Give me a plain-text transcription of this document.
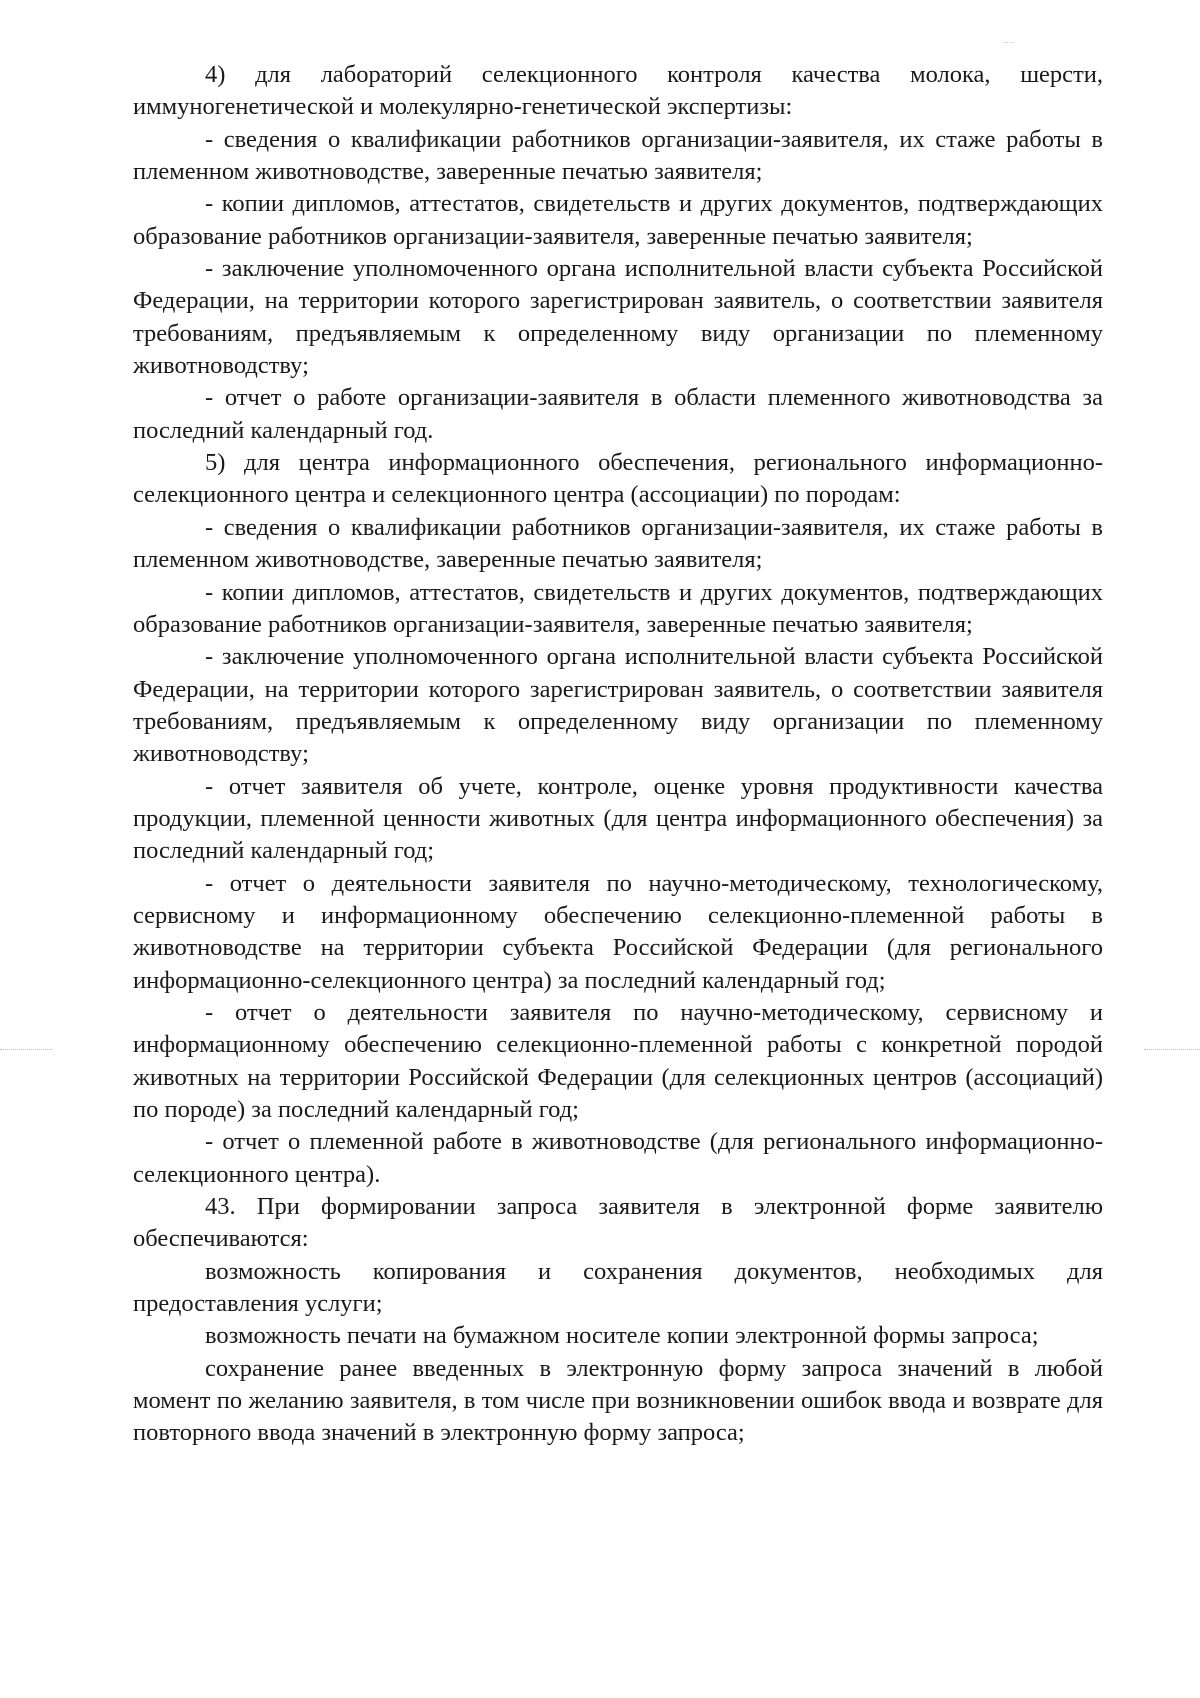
4) для лабораторий селекционного контроля качества молока, шерсти, иммуногенетической и молекулярно-генетической экспертизы:

- сведения о квалификации работников организации-заявителя, их стаже работы в племенном животноводстве, заверенные печатью заявителя;

- копии дипломов, аттестатов, свидетельств и других документов, подтверждающих образование работников организации-заявителя, заверенные печатью заявителя;

- заключение уполномоченного органа исполнительной власти субъекта Российской Федерации, на территории которого зарегистрирован заявитель, о соответствии заявителя требованиям, предъявляемым к определенному виду организации по племенному животноводству;

- отчет о работе организации-заявителя в области племенного животноводства за последний календарный год.

5) для центра информационного обеспечения, регионального информационно-селекционного центра и селекционного центра (ассоциации) по породам:

- сведения о квалификации работников организации-заявителя, их стаже работы в племенном животноводстве, заверенные печатью заявителя;

- копии дипломов, аттестатов, свидетельств и других документов, подтверждающих образование работников организации-заявителя, заверенные печатью заявителя;

- заключение уполномоченного органа исполнительной власти субъекта Российской Федерации, на территории которого зарегистрирован заявитель, о соответствии заявителя требованиям, предъявляемым к определенному виду организации по племенному животноводству;

- отчет заявителя об учете, контроле, оценке уровня продуктивности качества продукции, племенной ценности животных (для центра информационного обеспечения) за последний календарный год;

- отчет о деятельности заявителя по научно-методическому, технологическому, сервисному и информационному обеспечению селекционно-племенной работы в животноводстве на территории субъекта Российской Федерации (для регионального информационно-селекционного центра) за последний календарный год;

- отчет о деятельности заявителя по научно-методическому, сервисному и информационному обеспечению селекционно-племенной работы с конкретной породой животных на территории Российской Федерации (для селекционных центров (ассоциаций) по породе) за последний календарный год;

- отчет о племенной работе в животноводстве (для регионального информационно-селекционного центра).

43. При формировании запроса заявителя в электронной форме заявителю обеспечиваются:

возможность копирования и сохранения документов, необходимых для предоставления услуги;

возможность печати на бумажном носителе копии электронной формы запроса;

сохранение ранее введенных в электронную форму запроса значений в любой момент по желанию заявителя, в том числе при возникновении ошибок ввода и возврате для повторного ввода значений в электронную форму запроса;
